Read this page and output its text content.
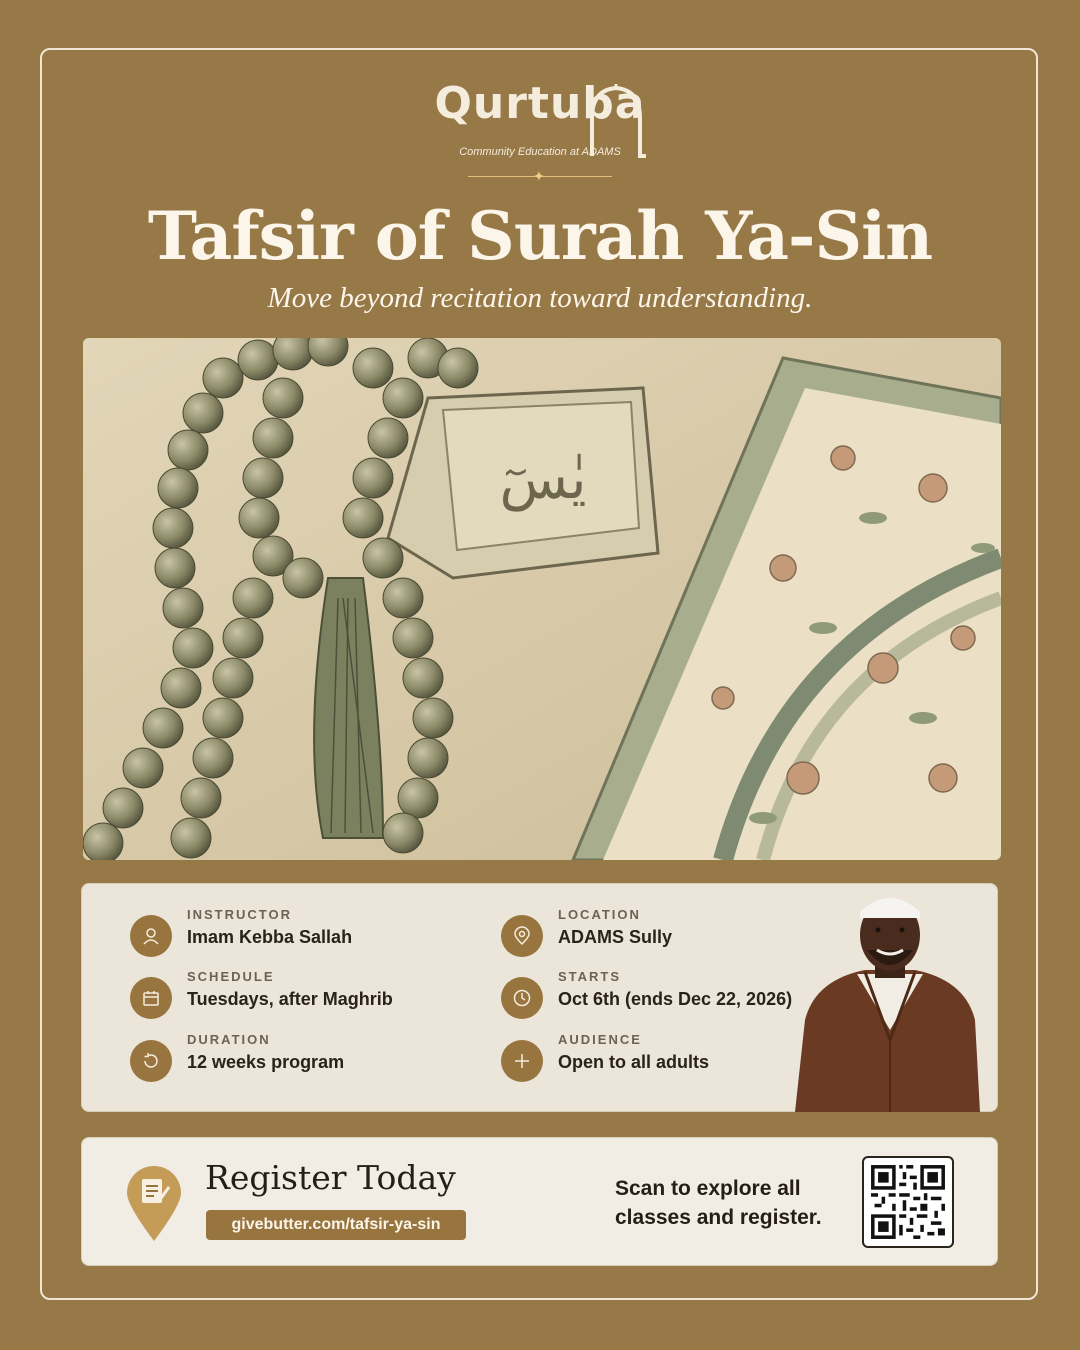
Qurtuba
Community Education at ADAMS
✦
Tafsir of Surah Ya-Sin
Move beyond recitation toward understanding.
يٰسٓ
INSTRUCTOR
Imam Kebba Sallah
SCHEDULE
Tuesdays, after Maghrib
DURATION
12 weeks program
LOCATION
ADAMS Sully
STARTS
Oct 6th (ends Dec 22, 2026)
AUDIENCE
Open to all adults
Register Today
givebutter.com/tafsir-ya-sin
Scan to explore all classes and register.
